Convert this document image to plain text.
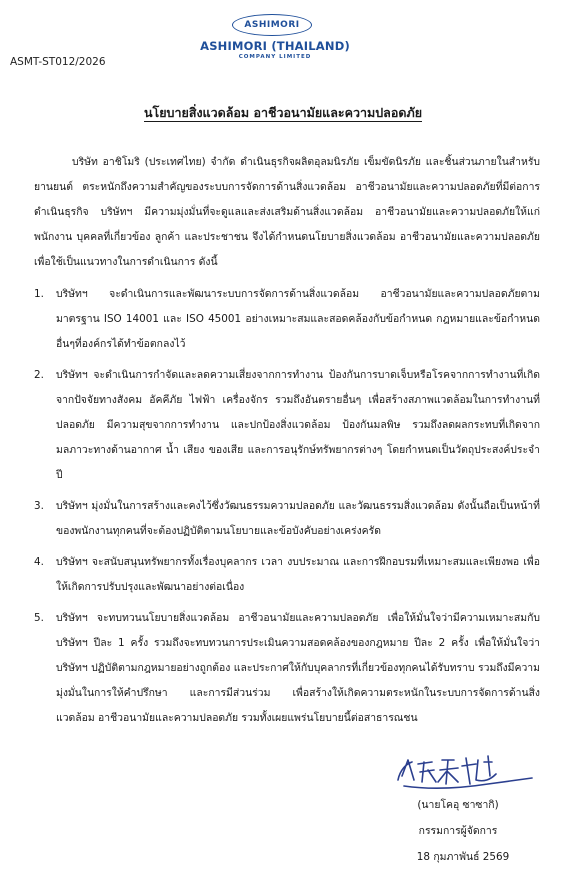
ASHIMORI
ASHIMORI (THAILAND)
COMPANY LIMITED
ASMT-ST012/2026
นโยบายสิ่งแวดล้อม อาชีวอนามัยและความปลอดภัย
บริษัท อาชิโมริ (ประเทศไทย) จำกัด ดำเนินธุรกิจผลิตอุลมนิรภัย เข็มขัดนิรภัย และชิ้นส่วนภายในสำหรับยานยนต์ ตระหนักถึงความสำคัญของระบบการจัดการด้านสิ่งแวดล้อม อาชีวอนามัยและความปลอดภัยที่มีต่อการดำเนินธุรกิจ บริษัทฯ มีความมุ่งมั่นที่จะดูแลและส่งเสริมด้านสิ่งแวดล้อม อาชีวอนามัยและความปลอดภัยให้แก่พนักงาน บุคคลที่เกี่ยวข้อง ลูกค้า และประชาชน จึงได้กำหนดนโยบายสิ่งแวดล้อม อาชีวอนามัยและความปลอดภัยเพื่อใช้เป็นแนวทางในการดำเนินการ ดังนี้
1. บริษัทฯ จะดำเนินการและพัฒนาระบบการจัดการด้านสิ่งแวดล้อม อาชีวอนามัยและความปลอดภัยตามมาตรฐาน ISO 14001 และ ISO 45001 อย่างเหมาะสมและสอดคล้องกับข้อกำหนด กฎหมายและข้อกำหนดอื่นๆที่องค์กรได้ทำข้อตกลงไว้
2. บริษัทฯ จะดำเนินการกำจัดและลดความเสี่ยงจากการทำงาน ป้องกันการบาดเจ็บหรือโรคจากการทำงานที่เกิดจากปัจจัยทางสังคม อัคคีภัย ไฟฟ้า เครื่องจักร รวมถึงอันตรายอื่นๆ เพื่อสร้างสภาพแวดล้อมในการทำงานที่ปลอดภัย มีความสุขจากการทำงาน และปกป้องสิ่งแวดล้อม ป้องกันมลพิษ รวมถึงลดผลกระทบที่เกิดจากมลภาวะทางด้านอากาศ น้ำ เสียง ของเสีย และการอนุรักษ์ทรัพยากรต่างๆ โดยกำหนดเป็นวัตถุประสงค์ประจำปี
3. บริษัทฯ มุ่งมั่นในการสร้างและคงไว้ซึ่งวัฒนธรรมความปลอดภัย และวัฒนธรรมสิ่งแวดล้อม ดังนั้นถือเป็นหน้าที่ของพนักงานทุกคนที่จะต้องปฏิบัติตามนโยบายและข้อบังคับอย่างเคร่งครัด
4. บริษัทฯ จะสนับสนุนทรัพยากรทั้งเรื่องบุคลากร เวลา งบประมาณ และการฝึกอบรมที่เหมาะสมและเพียงพอ เพื่อให้เกิดการปรับปรุงและพัฒนาอย่างต่อเนื่อง
5. บริษัทฯ จะทบทวนนโยบายสิ่งแวดล้อม อาชีวอนามัยและความปลอดภัย เพื่อให้มั่นใจว่ามีความเหมาะสมกับบริษัทฯ ปีละ 1 ครั้ง รวมถึงจะทบทวนการประเมินความสอดคล้องของกฎหมาย ปีละ 2 ครั้ง เพื่อให้มั่นใจว่าบริษัทฯ ปฏิบัติตามกฎหมายอย่างถูกต้อง และประกาศให้กับบุคลากรที่เกี่ยวข้องทุกคนได้รับทราบ รวมถึงมีความมุ่งมั่นในการให้คำปรึกษา และการมีส่วนร่วม เพื่อสร้างให้เกิดความตระหนักในระบบการจัดการด้านสิ่งแวดล้อม อาชีวอนามัยและความปลอดภัย รวมทั้งเผยแพร่นโยบายนี้ต่อสาธารณชน
(นายโคอุ ซาซากิ)
กรรมการผู้จัดการ
18 กุมภาพันธ์ 2569
